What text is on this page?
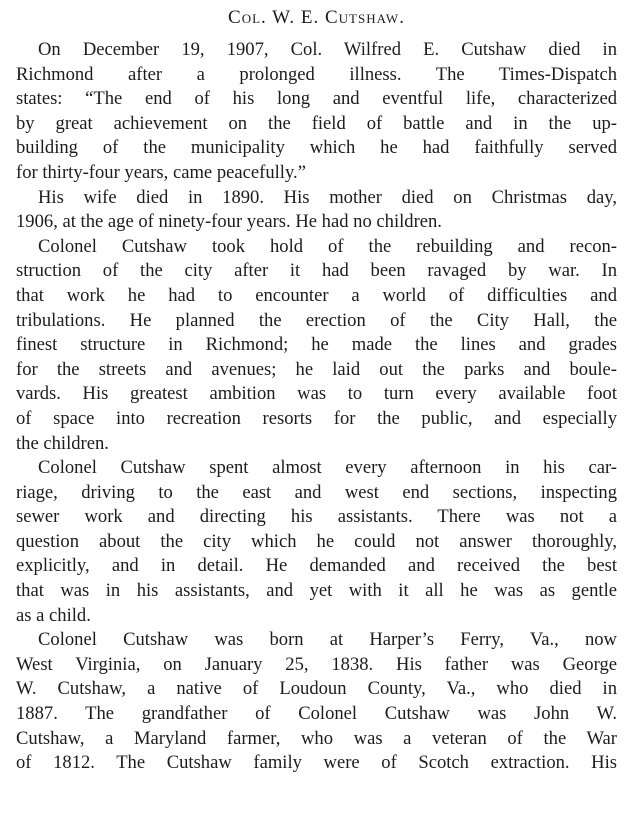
Col. W. E. Cutshaw.
On December 19, 1907, Col. Wilfred E. Cutshaw died in
Richmond after a prolonged illness. The Times-Dispatch
states: “The end of his long and eventful life, characterized
by great achievement on the field of battle and in the up-
building of the municipality which he had faithfully served
for thirty-four years, came peacefully.”
His wife died in 1890. His mother died on Christmas day,
1906, at the age of ninety-four years. He had no children.
Colonel Cutshaw took hold of the rebuilding and recon-
struction of the city after it had been ravaged by war. In
that work he had to encounter a world of difficulties and
tribulations. He planned the erection of the City Hall, the
finest structure in Richmond; he made the lines and grades
for the streets and avenues; he laid out the parks and boule-
vards. His greatest ambition was to turn every available foot
of space into recreation resorts for the public, and especially
the children.
Colonel Cutshaw spent almost every afternoon in his car-
riage, driving to the east and west end sections, inspecting
sewer work and directing his assistants. There was not a
question about the city which he could not answer thoroughly,
explicitly, and in detail. He demanded and received the best
that was in his assistants, and yet with it all he was as gentle
as a child.
Colonel Cutshaw was born at Harper’s Ferry, Va., now
West Virginia, on January 25, 1838. His father was George
W. Cutshaw, a native of Loudoun County, Va., who died in
1887. The grandfather of Colonel Cutshaw was John W.
Cutshaw, a Maryland farmer, who was a veteran of the War
of 1812. The Cutshaw family were of Scotch extraction. His
